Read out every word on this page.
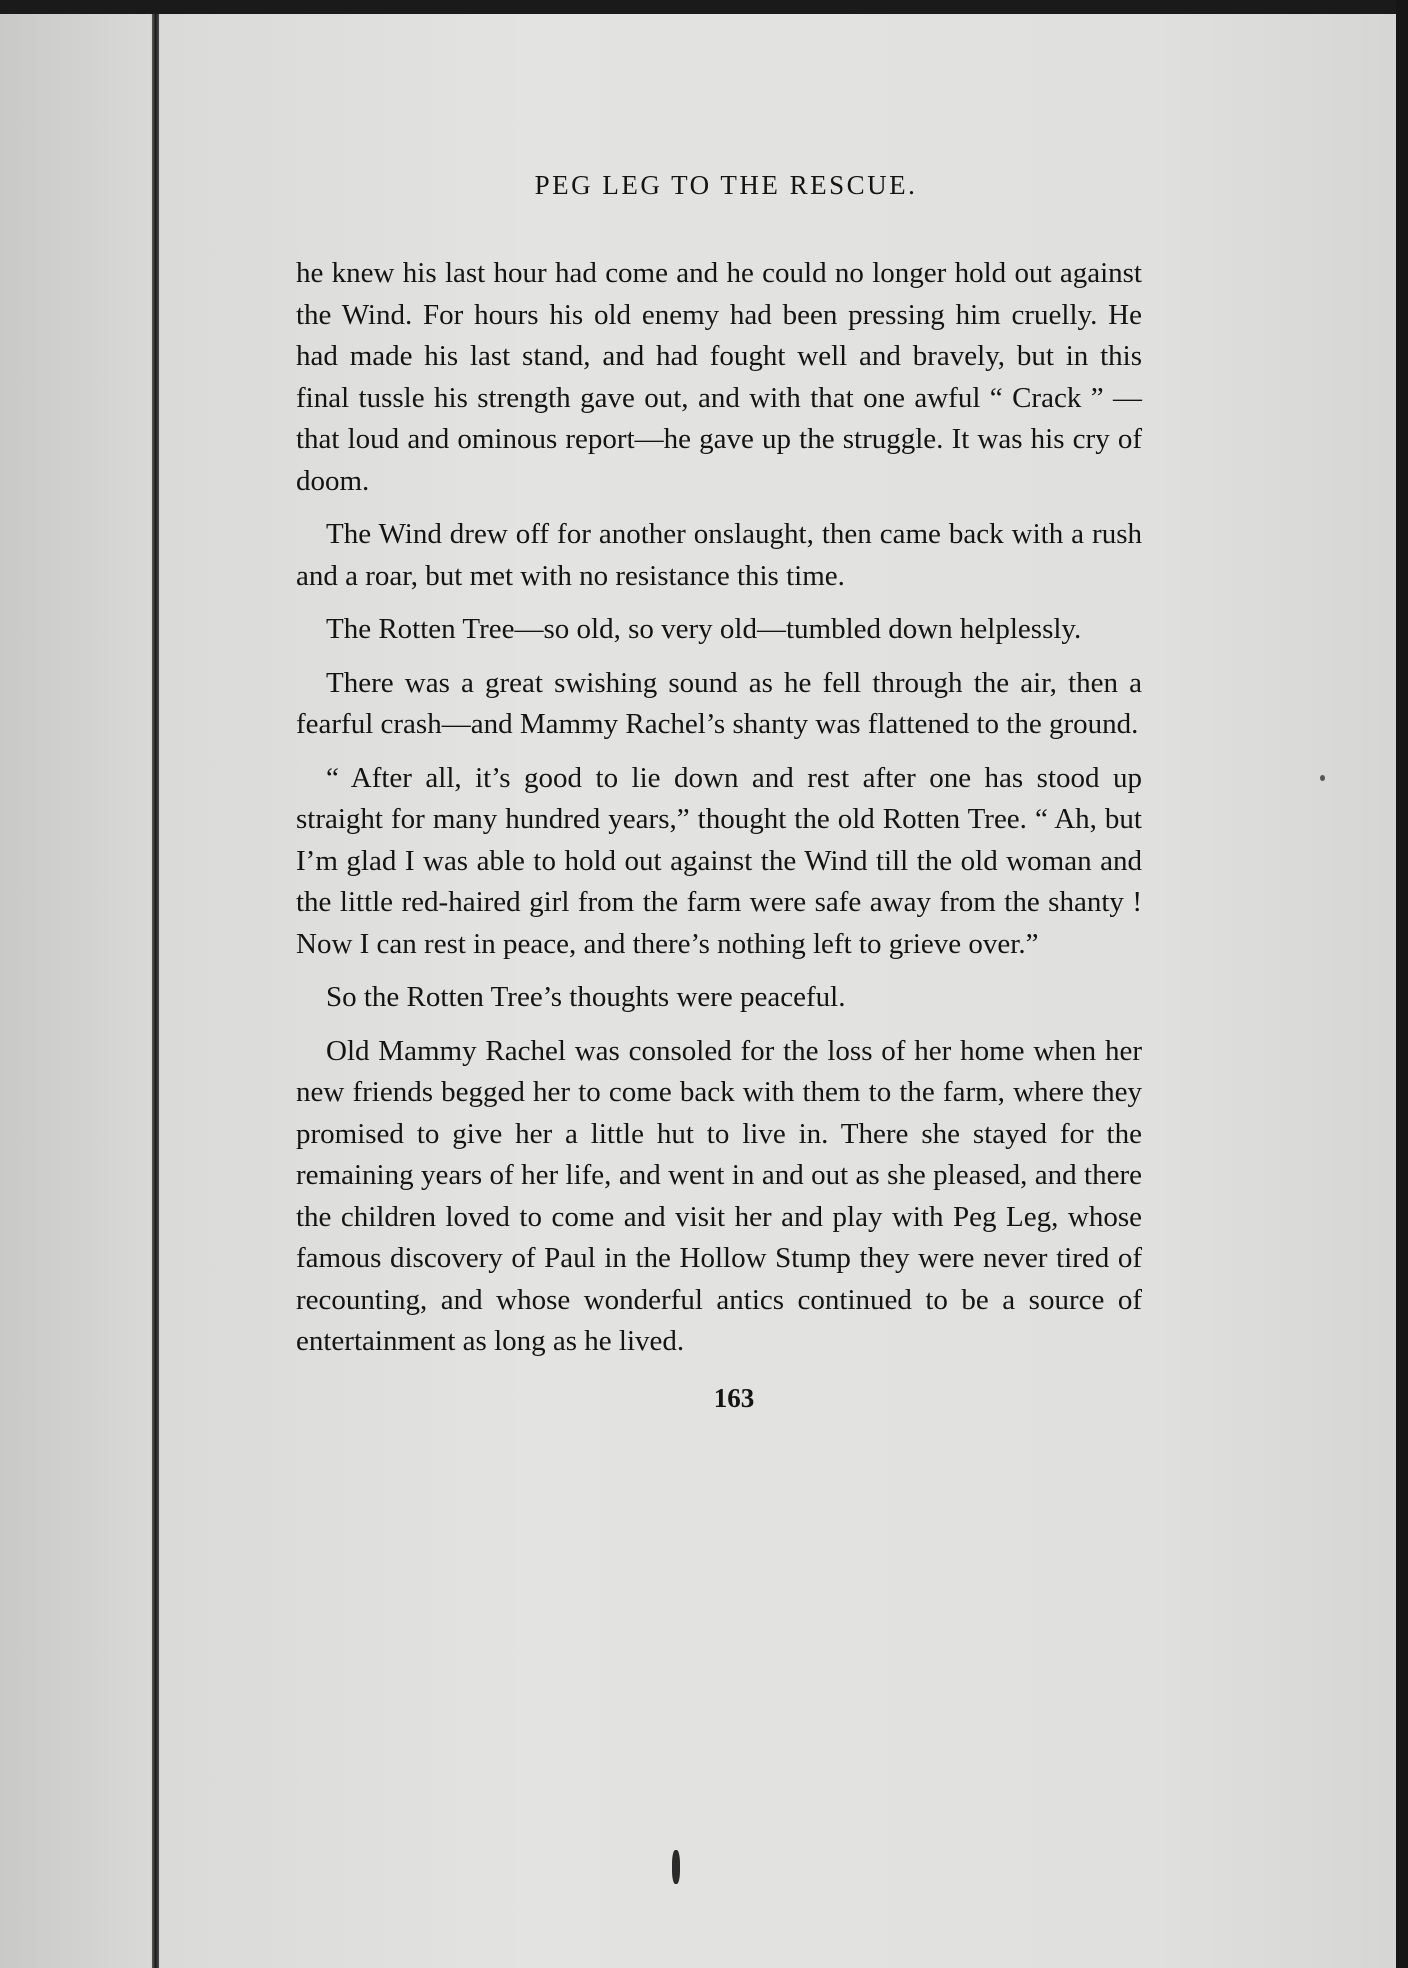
PEG LEG TO THE RESCUE.

he knew his last hour had come and he could no longer hold out against the Wind. For hours his old enemy had been pressing him cruelly. He had made his last stand, and had fought well and bravely, but in this final tussle his strength gave out, and with that one awful “ Crack ” —that loud and ominous report—he gave up the struggle. It was his cry of doom.

The Wind drew off for another onslaught, then came back with a rush and a roar, but met with no resistance this time.

The Rotten Tree—so old, so very old—tumbled down helplessly.

There was a great swishing sound as he fell through the air, then a fearful crash—and Mammy Rachel’s shanty was flattened to the ground.

“ After all, it’s good to lie down and rest after one has stood up straight for many hundred years,” thought the old Rotten Tree. “ Ah, but I’m glad I was able to hold out against the Wind till the old woman and the little red-haired girl from the farm were safe away from the shanty ! Now I can rest in peace, and there’s nothing left to grieve over.”

So the Rotten Tree’s thoughts were peaceful.

Old Mammy Rachel was consoled for the loss of her home when her new friends begged her to come back with them to the farm, where they promised to give her a little hut to live in. There she stayed for the remaining years of her life, and went in and out as she pleased, and there the children loved to come and visit her and play with Peg Leg, whose famous discovery of Paul in the Hollow Stump they were never tired of recounting, and whose wonderful antics continued to be a source of entertainment as long as he lived.

163
